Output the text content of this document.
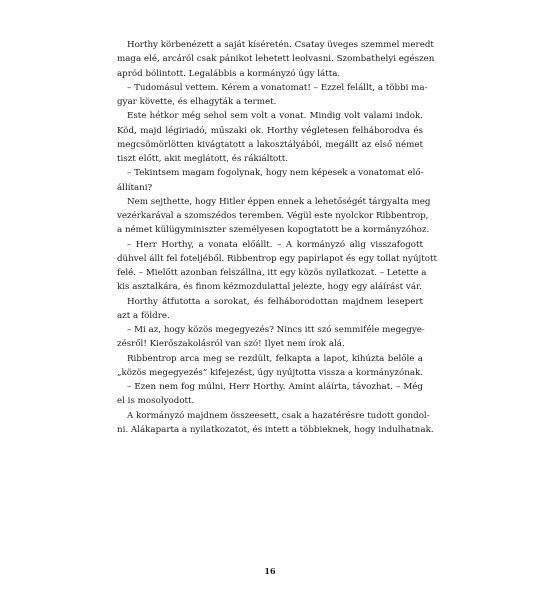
Horthy körbenézett a saját kíséretén. Csatay üveges szemmel meredt
maga elé, arcáról csak pánikot lehetett leolvasni. Szombathelyi egészen
apród bólintott. Legalábbis a kormányzó úgy látta.
– Tudomásul vettem. Kérem a vonatomat! – Ezzel felállt, a többi ma-
gyar követte, és elhagyták a termet.
Este hétkor még sehol sem volt a vonat. Mindig volt valami indok.
Köd, majd légiriadó, műszaki ok. Horthy végletesen felháborodva és
megcsömörlötten kivágtatott a lakosztályából, megállt az első német
tiszt előtt, akit meglátott, és rákiáltott.
– Tekintsem magam fogolynak, hogy nem képesek a vonatomat elő-
állítani?
Nem sejthette, hogy Hitler éppen ennek a lehetőségét tárgyalta meg
vezérkarával a szomszédos teremben. Végül este nyolckor Ribbentrop,
a német külügyminiszter személyesen kopogtatott be a kormányzóhoz.
– Herr Horthy, a vonata előállt. – A kormányzó alig visszafogott
dühvel állt fel foteljéből. Ribbentrop egy papírlapot és egy tollat nyújtott
felé. – Mielőtt azonban felszállna, itt egy közös nyilatkozat. – Letette a
kis asztalkára, és finom kézmozdulattal jelezte, hogy egy aláírást vár.
Horthy átfutotta a sorokat, és felháborodottan majdnem lesepert
azt a földre.
– Mi az, hogy közös megegyezés? Nincs itt szó semmiféle megegye-
zésről! Kierőszakolásról van szó! Ilyet nem írok alá.
Ribbentrop arca meg se rezdült, felkapta a lapot, kihúzta belőle a
„közös megegyezés” kifejezést, úgy nyújtotta vissza a kormányzónak.
– Ezen nem fog múlni, Herr Horthy. Amint aláírta, távozhat. – Még
el is mosolyodott.
A kormányzó majdnem összeesett, csak a hazatérésre tudott gondol-
ni. Alákaparta a nyilatkozatot, és intett a többieknek, hogy indulhatnak.
16
